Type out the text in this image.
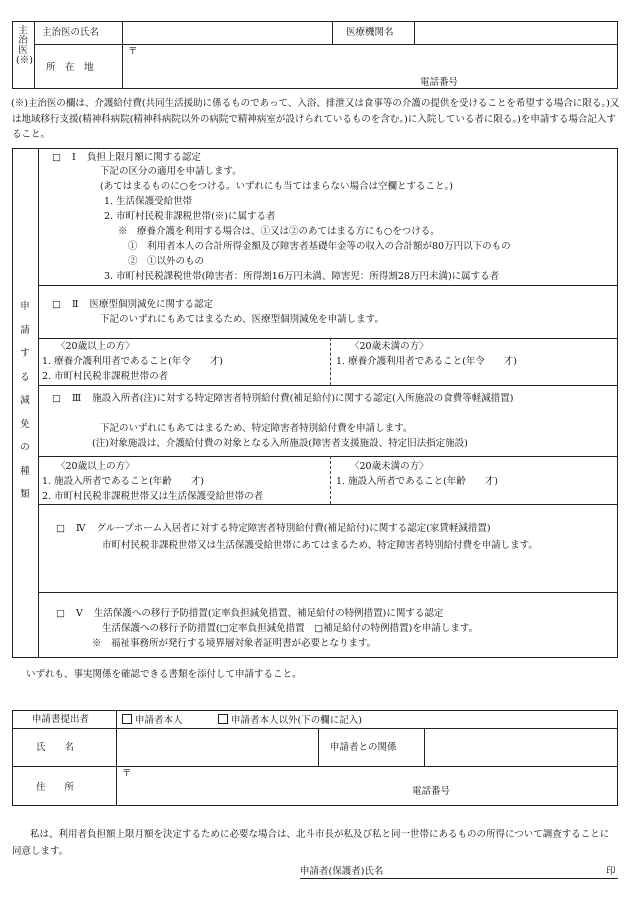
主治医(※)
主治医の氏名	医療機関名
所　在　地
〒
電話番号
(※)主治医の欄は、介護給付費(共同生活援助に係るものであって、入浴、排泄又は食事等の介護の提供を受けることを希望する場合に限る。)又は地域移行支援(精神科病院(精神科病院以外の病院で精神病室が設けられているものを含む。)に入院している者に限る。)を申請する場合記入すること。
申請する減免の種類
□ Ⅰ 負担上限月額に関する認定
下記の区分の適用を申請します。
(あてはまるものに○をつける。いずれにも当てはまらない場合は空欄とすること。)
1. 生活保護受給世帯
2. 市町村民税非課税世帯(※)に属する者
※　療養介護を利用する場合は、①又は②のあてはまる方にも○をつける。
①　利用者本人の合計所得金額及び障害者基礎年金等の収入の合計額が80万円以下のもの
②　①以外のもの
3. 市町村民税課税世帯(障害者：所得割16万円未満、障害児：所得割28万円未満)に属する者
□ Ⅱ 医療型個別減免に関する認定
下記のいずれにもあてはまるため、医療型個別減免を申請します。
〈20歳以上の方〉
1. 療養介護利用者であること(年令　　才)
2. 市町村民税非課税世帯の者
〈20歳未満の方〉
1. 療養介護利用者であること(年令　　才)
□ Ⅲ 施設入所者(注)に対する特定障害者特別給付費(補足給付)に関する認定(入所施設の食費等軽減措置)
下記のいずれにもあてはまるため、特定障害者特別給付費を申請します。
(注)対象施設は、介護給付費の対象となる入所施設(障害者支援施設、特定旧法指定施設)
〈20歳以上の方〉
1. 施設入所者であること(年齢　　才)
2. 市町村民税非課税世帯又は生活保護受給世帯の者
〈20歳未満の方〉
1. 施設入所者であること(年齢　　才)
□ Ⅳ グループホーム入居者に対する特定障害者特別給付費(補足給付)に関する認定(家賃軽減措置)
市町村民税非課税世帯又は生活保護受給世帯にあてはまるため、特定障害者特別給付費を申請します。
□ Ⅴ 生活保護への移行予防措置(定率負担減免措置、補足給付の特例措置)に関する認定
生活保護への移行予防措置(□定率負担減免措置　□補足給付の特例措置)を申請します。
※　福祉事務所が発行する境界層対象者証明書が必要となります。
いずれも、事実関係を確認できる書類を添付して申請すること。
申請書提出者	申請者本人	申請者本人以外(下の欄に記入)
氏　　名	申請者との関係
住　　所
〒
電話番号
私は、利用者負担額上限月額を決定するために必要な場合は、北斗市長が私及び私と同一世帯にあるものの所得について調査することに同意します。
申請者(保護者)氏名	印
